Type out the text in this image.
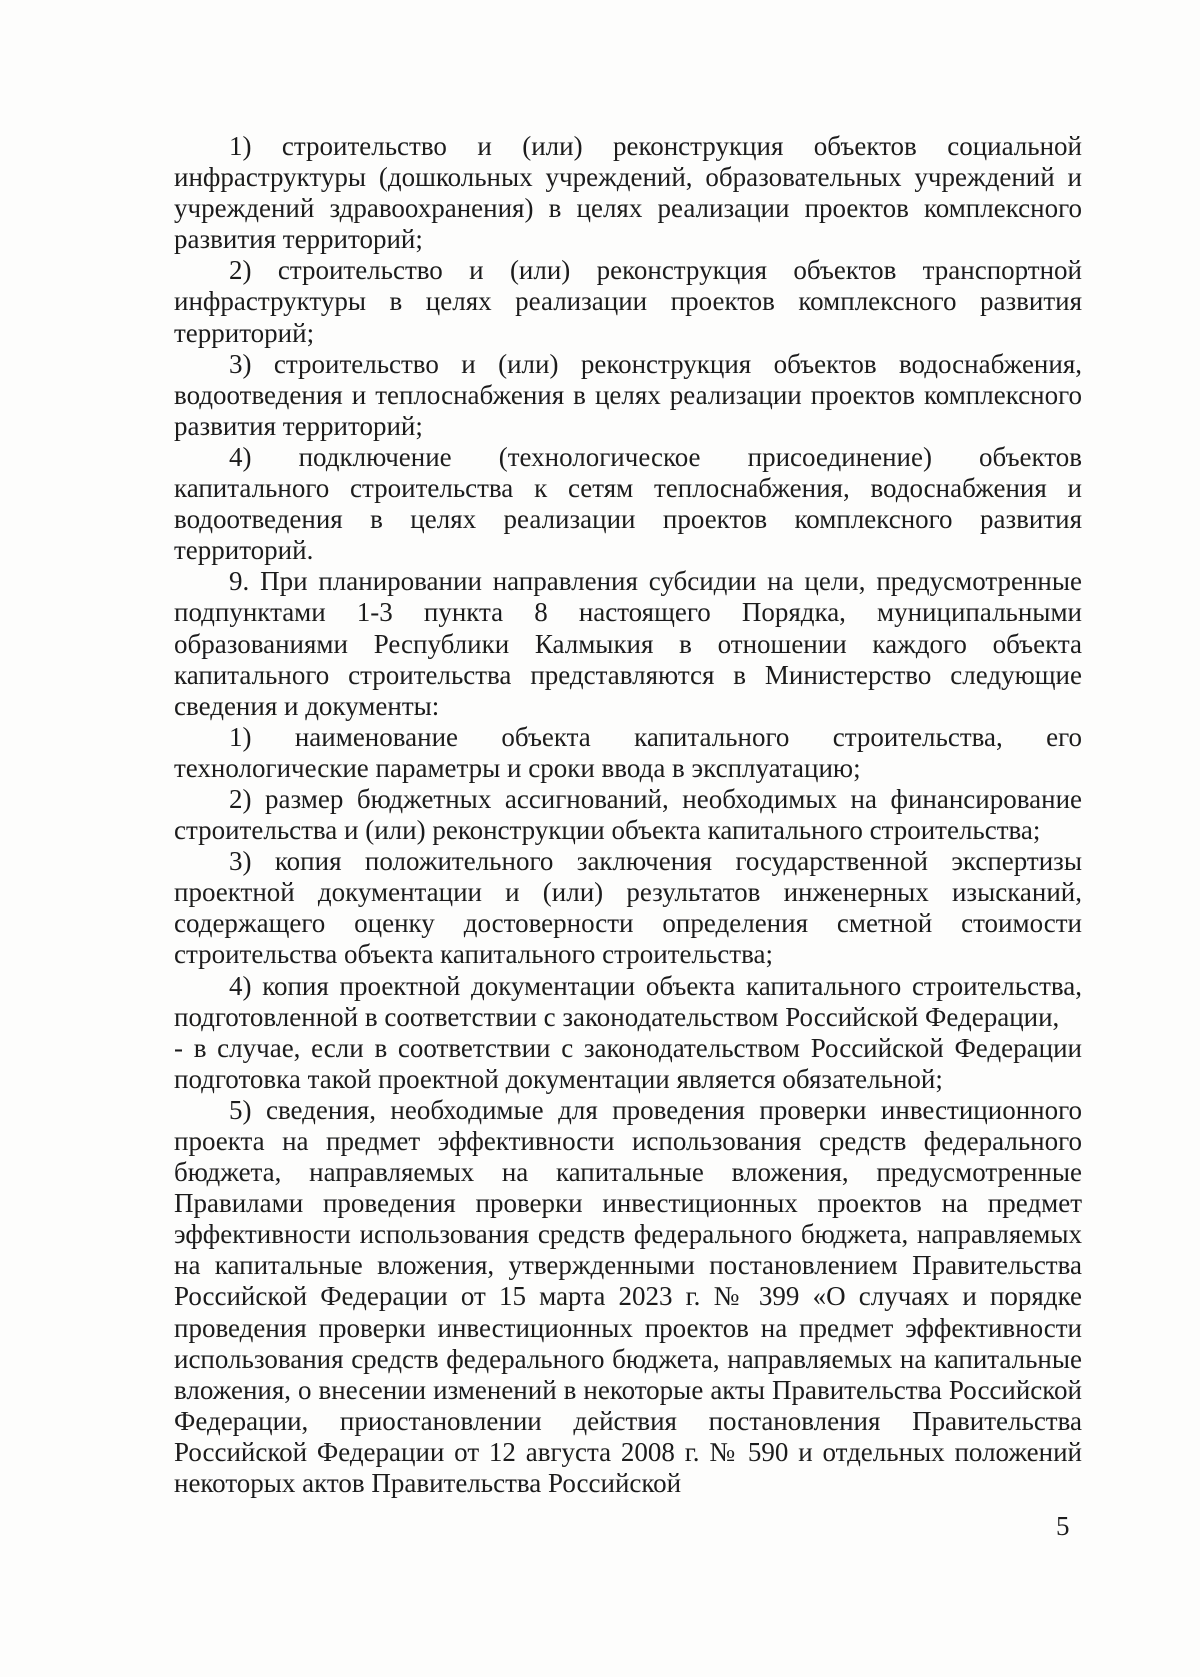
1) строительство и (или) реконструкция объектов социальной инфраструктуры (дошкольных учреждений, образовательных учреждений и учреждений здравоохранения) в целях реализации проектов комплексного развития территорий;

2) строительство и (или) реконструкция объектов транспортной инфраструктуры в целях реализации проектов комплексного развития территорий;

3) строительство и (или) реконструкция объектов водоснабжения, водоотведения и теплоснабжения в целях реализации проектов комплексного развития территорий;

4) подключение (технологическое присоединение) объектов капитального строительства к сетям теплоснабжения, водоснабжения и водоотведения в целях реализации проектов комплексного развития территорий.

9. При планировании направления субсидии на цели, предусмотренные подпунктами 1-3 пункта 8 настоящего Порядка, муниципальными образованиями Республики Калмыкия в отношении каждого объекта капитального строительства представляются в Министерство следующие сведения и документы:

1) наименование объекта капитального строительства, его технологические параметры и сроки ввода в эксплуатацию;

2) размер бюджетных ассигнований, необходимых на финансирование строительства и (или) реконструкции объекта капитального строительства;

3) копия положительного заключения государственной экспертизы проектной документации и (или) результатов инженерных изысканий, содержащего оценку достоверности определения сметной стоимости строительства объекта капитального строительства;

4) копия проектной документации объекта капитального строительства, подготовленной в соответствии с законодательством Российской Федерации,

- в случае, если в соответствии с законодательством Российской Федерации подготовка такой проектной документации является обязательной;

5) сведения, необходимые для проведения проверки инвестиционного проекта на предмет эффективности использования средств федерального бюджета, направляемых на капитальные вложения, предусмотренные Правилами проведения проверки инвестиционных проектов на предмет эффективности использования средств федерального бюджета, направляемых на капитальные вложения, утвержденными постановлением Правительства Российской Федерации от 15 марта 2023 г. № 399 «О случаях и порядке проведения проверки инвестиционных проектов на предмет эффективности использования средств федерального бюджета, направляемых на капитальные вложения, о внесении изменений в некоторые акты Правительства Российской Федерации, приостановлении действия постановления Правительства Российской Федерации от 12 августа 2008 г. № 590 и отдельных положений некоторых актов Правительства Российской

5
